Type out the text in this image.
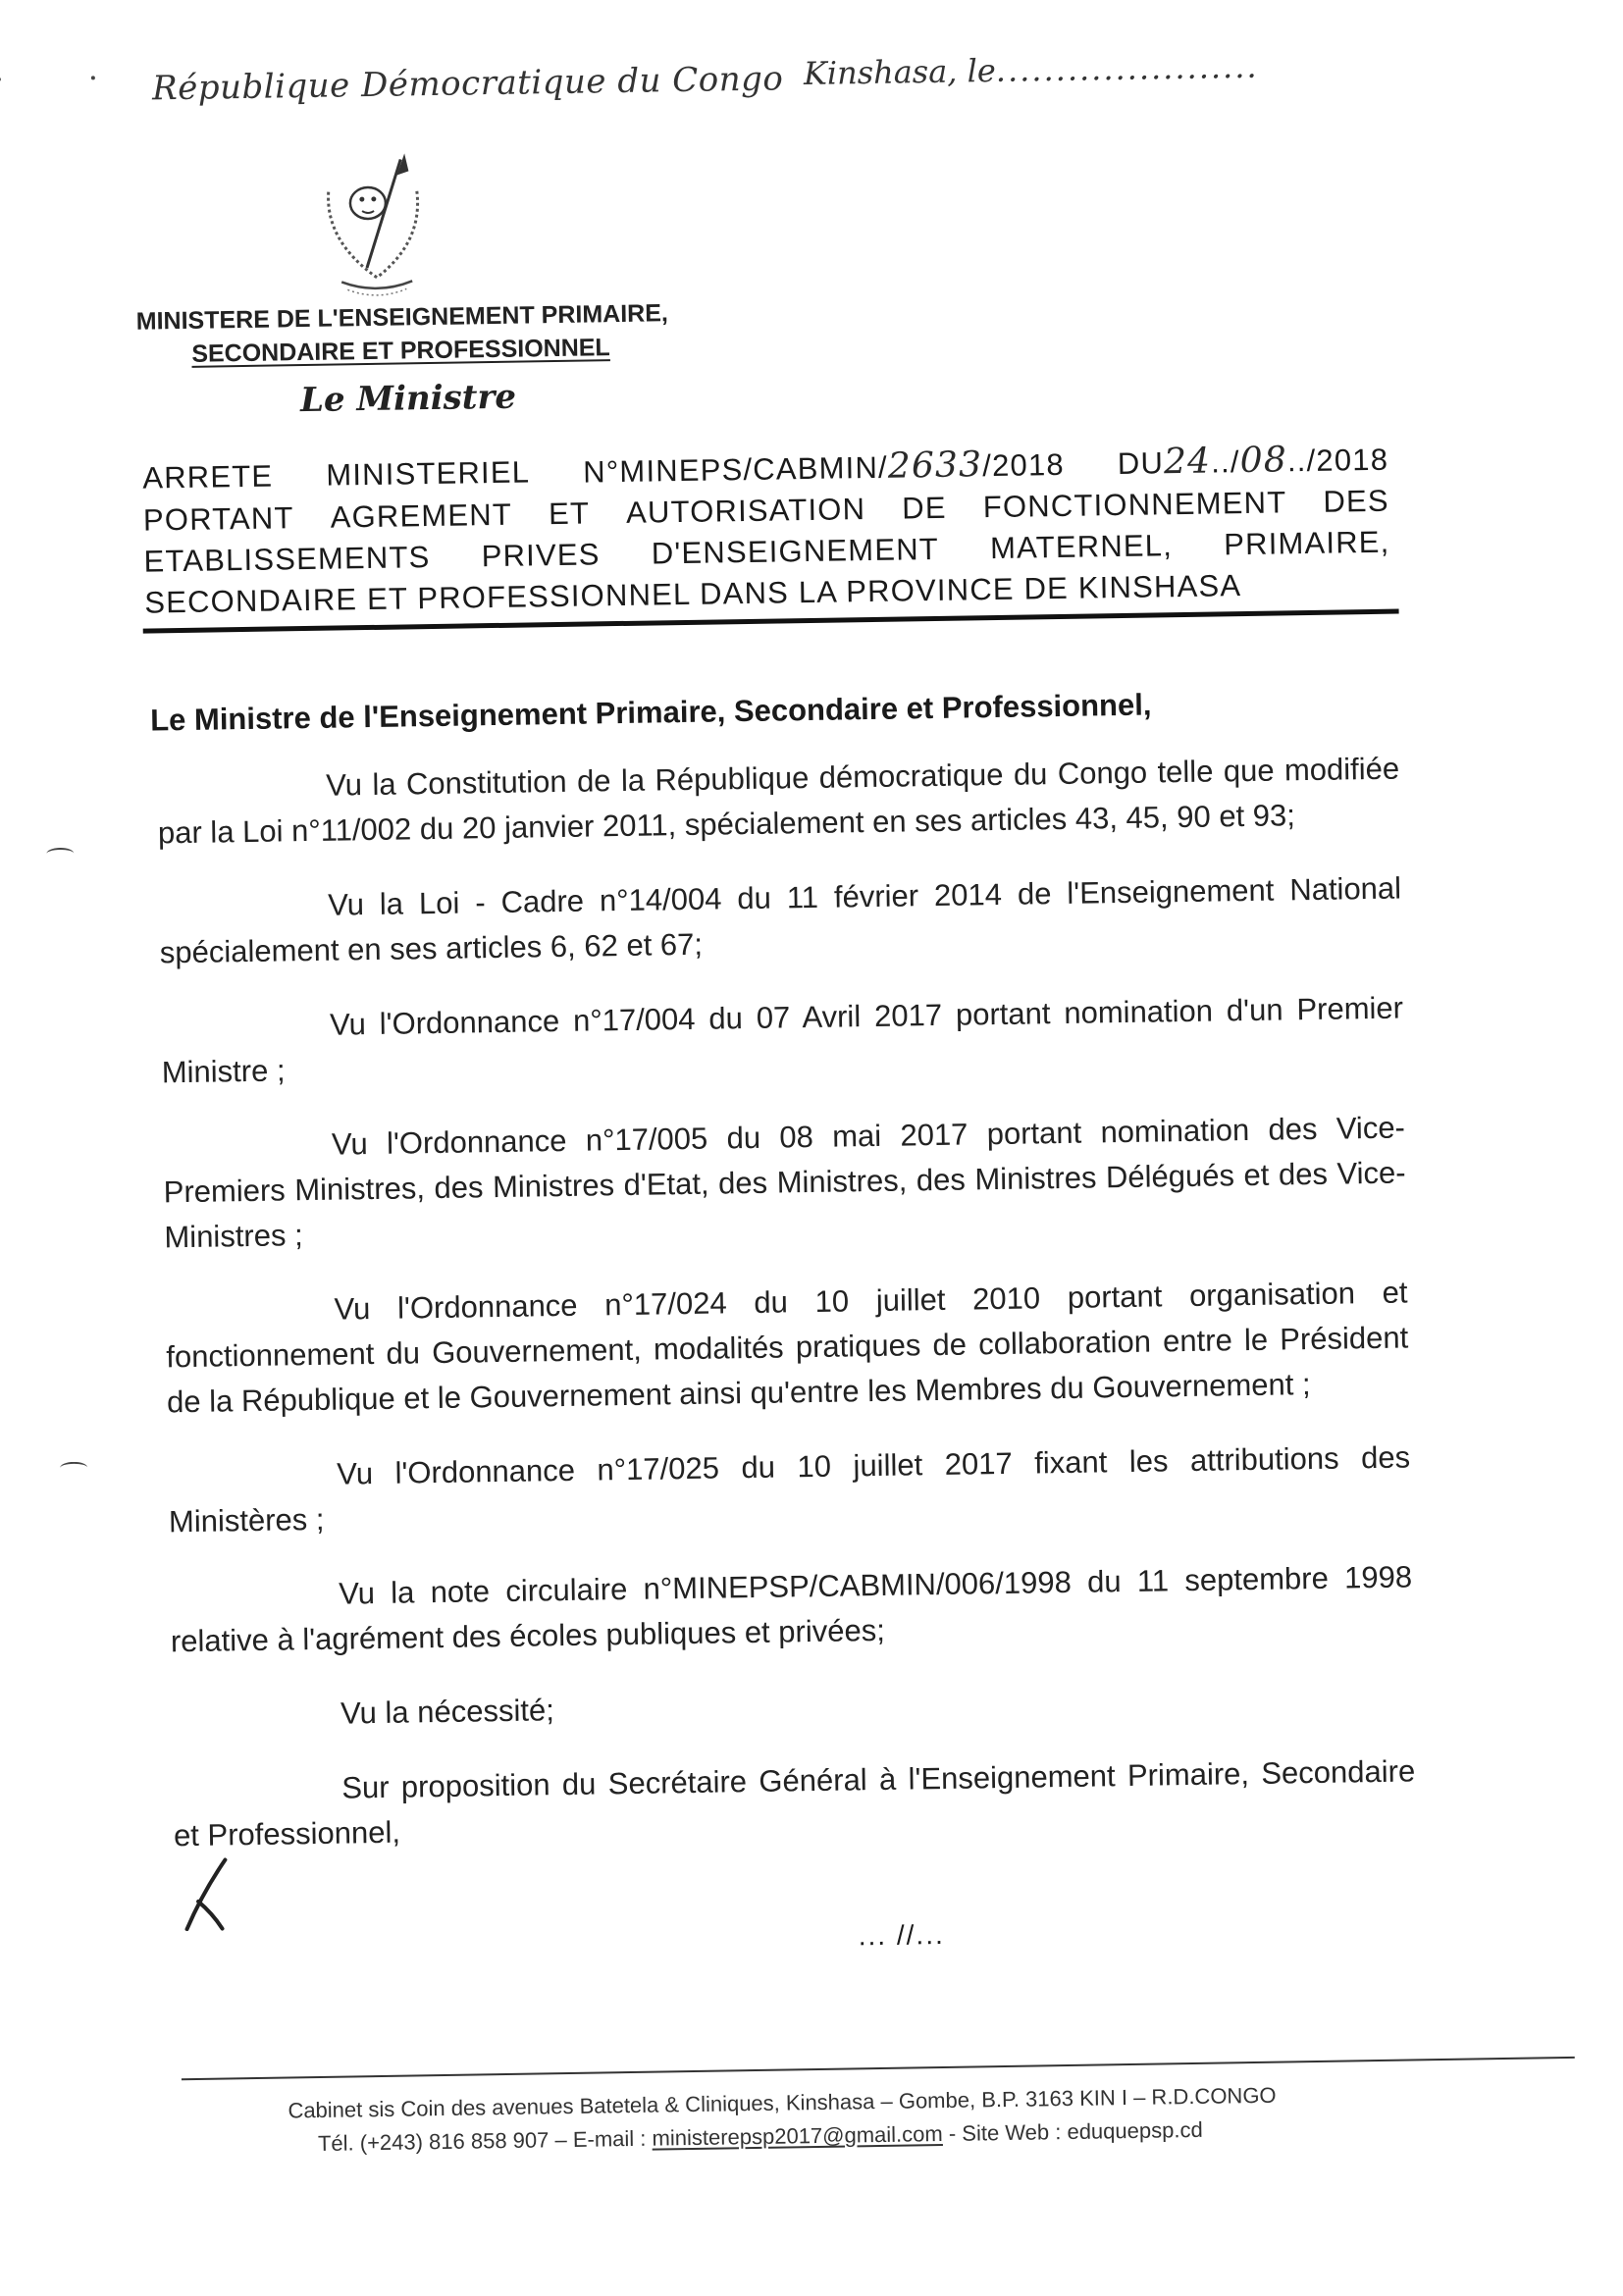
République Démocratique du Congo Kinshasa, le......................
MINISTERE DE L'ENSEIGNEMENT PRIMAIRE,
SECONDAIRE ET PROFESSIONNEL
Le Ministre
ARRETE MINISTERIEL N°MINEPS/CABMIN/2633/2018 DU24../08../2018
PORTANT AGREMENT ET AUTORISATION DE FONCTIONNEMENT DES
ETABLISSEMENTS PRIVES D'ENSEIGNEMENT MATERNEL, PRIMAIRE,
SECONDAIRE ET PROFESSIONNEL DANS LA PROVINCE DE KINSHASA
Le Ministre de l'Enseignement Primaire, Secondaire et Professionnel,

Vu la Constitution de la République démocratique du Congo telle que modifiée par la Loi n°11/002 du 20 janvier 2011, spécialement en ses articles 43, 45, 90 et 93;

Vu la Loi - Cadre n°14/004 du 11 février 2014 de l'Enseignement National spécialement en ses articles 6, 62 et 67;

Vu l'Ordonnance n°17/004 du 07 Avril 2017 portant nomination d'un Premier Ministre ;

Vu l'Ordonnance n°17/005 du 08 mai 2017 portant nomination des Vice-Premiers Ministres, des Ministres d'Etat, des Ministres, des Ministres Délégués et des Vice-Ministres ;

Vu l'Ordonnance n°17/024 du 10 juillet 2010 portant organisation et fonctionnement du Gouvernement, modalités pratiques de collaboration entre le Président de la République et le Gouvernement ainsi qu'entre les Membres du Gouvernement ;

Vu l'Ordonnance n°17/025 du 10 juillet 2017 fixant les attributions des Ministères ;

Vu la note circulaire n°MINEPSP/CABMIN/006/1998 du 11 septembre 1998 relative à l'agrément des écoles publiques et privées;

Vu la nécessité;

Sur proposition du Secrétaire Général à l'Enseignement Primaire, Secondaire et Professionnel,

... //...
Cabinet sis Coin des avenues Batetela & Cliniques, Kinshasa – Gombe, B.P. 3163 KIN I – R.D.CONGO
Tél. (+243) 816 858 907 – E-mail : ministerepsp2017@gmail.com - Site Web : eduquepsp.cd
